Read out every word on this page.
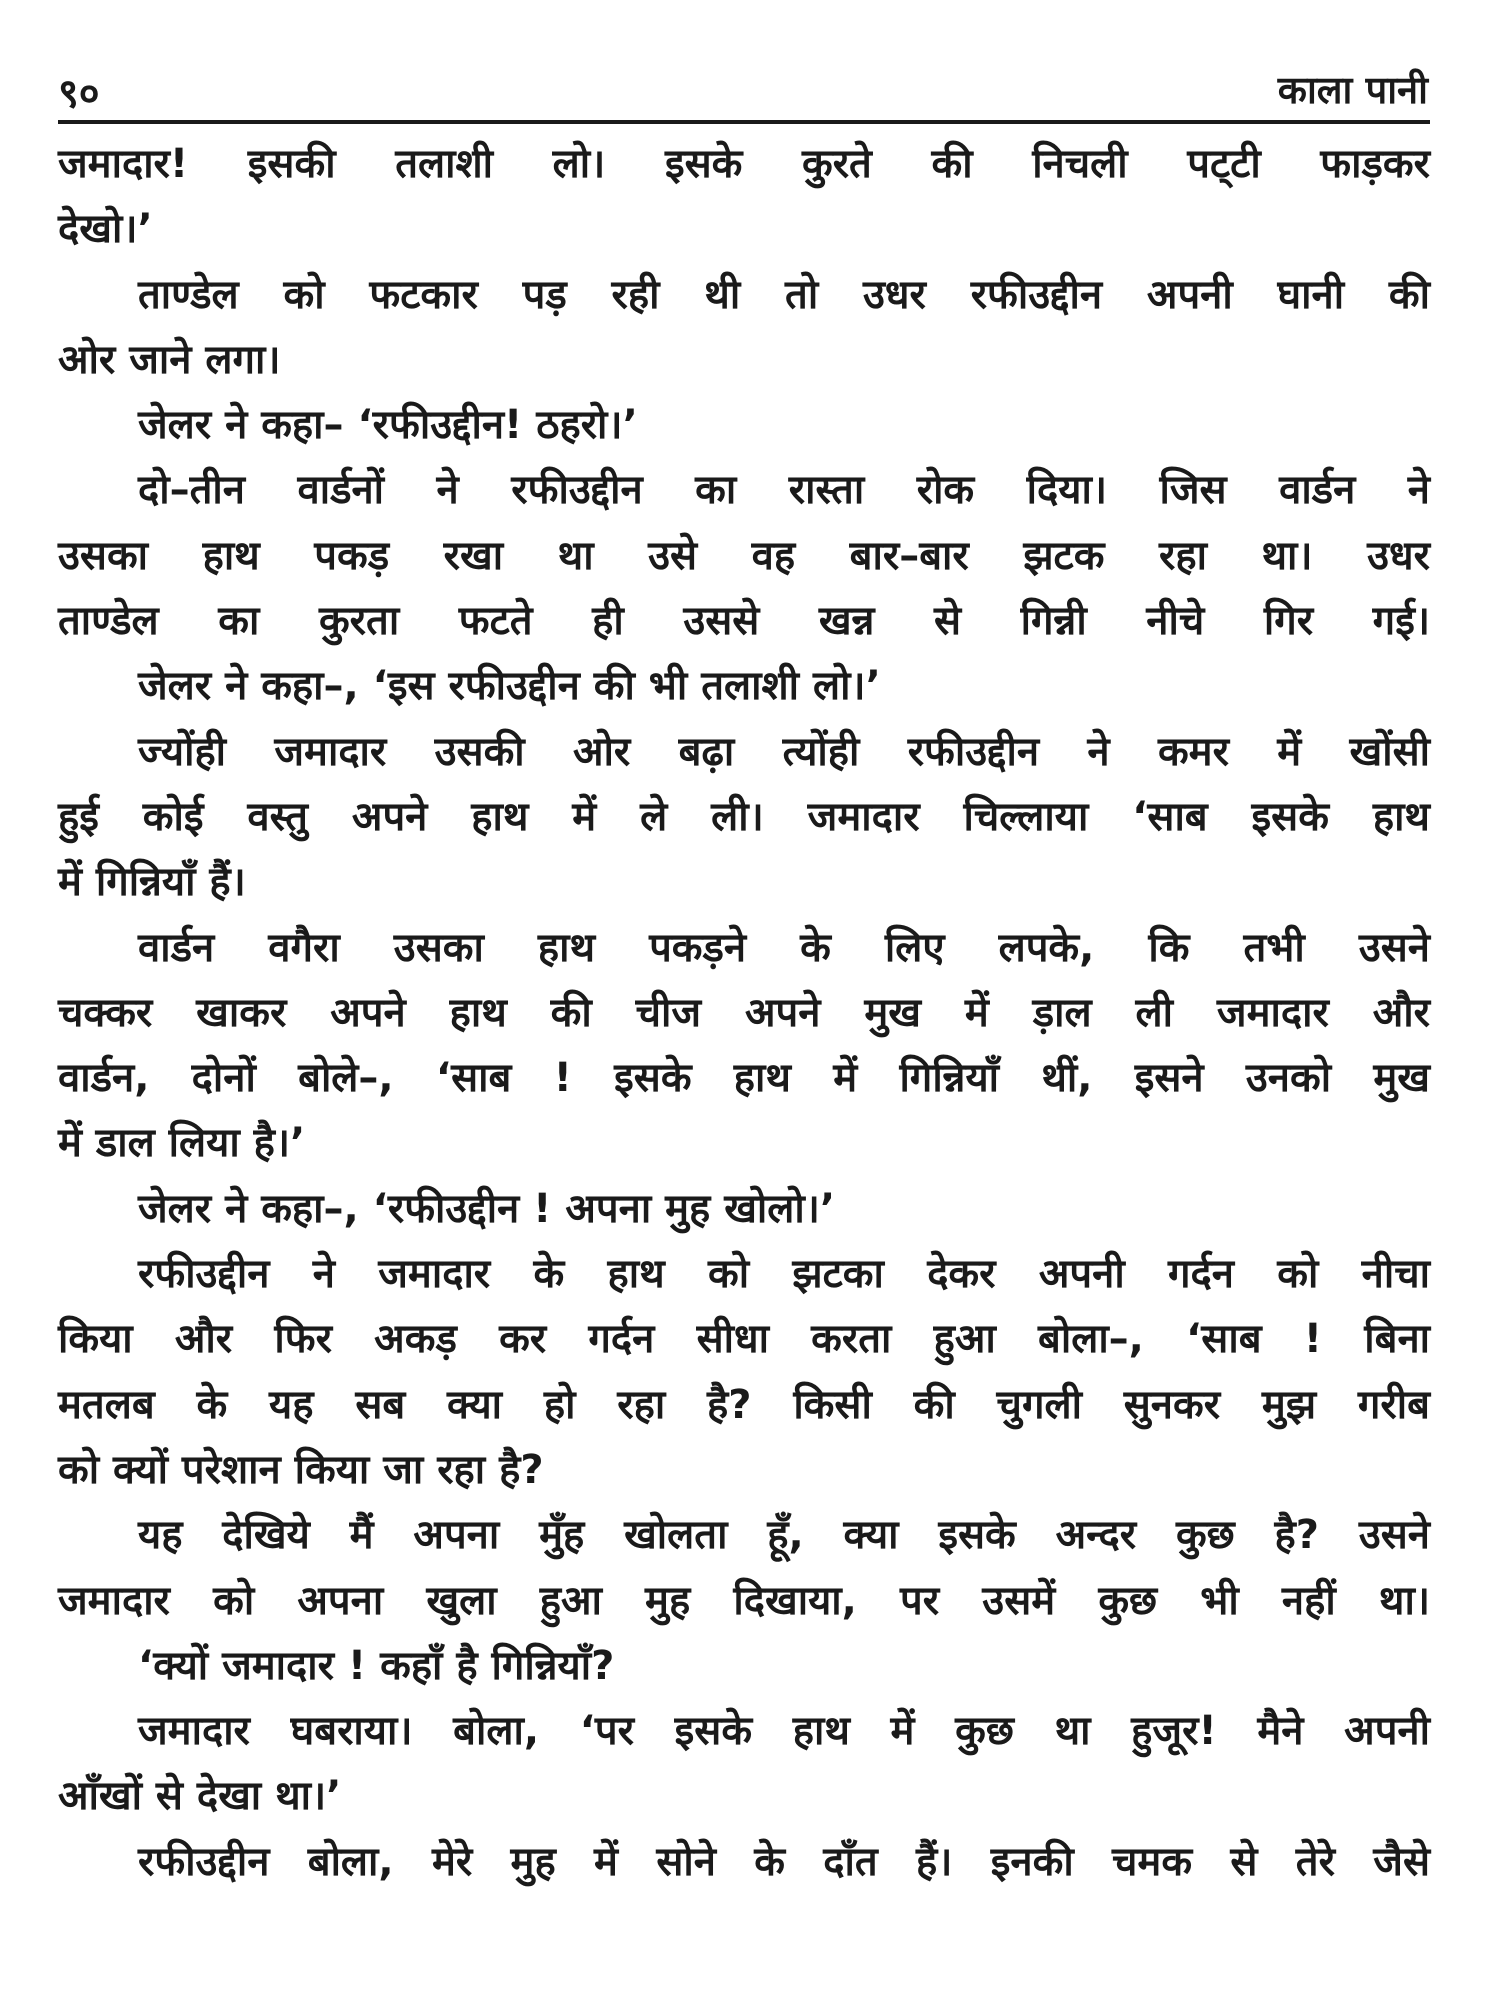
९०	काला पानी
जमादार! इसकी तलाशी लो। इसके कुरते की निचली पट्‌टी फाड़कर
देखो।’
ताण्डेल को फटकार पड़ रही थी तो उधर रफीउद्दीन अपनी घानी की
ओर जाने लगा।
जेलर ने कहा– ‘रफीउद्दीन! ठहरो।’
दो–तीन वार्डनों ने रफीउद्दीन का रास्ता रोक दिया। जिस वार्डन ने
उसका हाथ पकड़ रखा था उसे वह बार–बार झटक रहा था। उधर
ताण्डेल का कुरता फटते ही उससे खन्न से गिन्नी नीचे गिर गई।
जेलर ने कहा–, ‘इस रफीउद्दीन की भी तलाशी लो।’
ज्योंही जमादार उसकी ओर बढ़ा त्योंही रफीउद्दीन ने कमर में खोंसी
हुई कोई वस्तु अपने हाथ में ले ली। जमादार चिल्लाया ‘साब इसके हाथ
में गिन्नियाँ हैं।
वार्डन वगैरा उसका हाथ पकड़ने के लिए लपके, कि तभी उसने
चक्कर खाकर अपने हाथ की चीज अपने मुख में ड़ाल ली जमादार और
वार्डन, दोनों बोले–, ‘साब ! इसके हाथ में गिन्नियाँ थीं, इसने उनको मुख
में डाल लिया है।’
जेलर ने कहा–, ‘रफीउद्दीन ! अपना मुह खोलो।’
रफीउद्दीन ने जमादार के हाथ को झटका देकर अपनी गर्दन को नीचा
किया और फिर अकड़ कर गर्दन सीधा करता हुआ बोला–, ‘साब ! बिना
मतलब के यह सब क्या हो रहा है? किसी की चुगली सुनकर मुझ गरीब
को क्यों परेशान किया जा रहा है?
यह देखिये मैं अपना मुँह खोलता हूँ, क्या इसके अन्दर कुछ है? उसने
जमादार को अपना खुला हुआ मुह दिखाया, पर उसमें कुछ भी नहीं था।
‘क्यों जमादार ! कहाँ है गिन्नियाँ?
जमादार घबराया। बोला, ‘पर इसके हाथ में कुछ था हुजूर! मैने अपनी
आँखों से देखा था।’
रफीउद्दीन बोला, मेरे मुह में सोने के दाँत हैं। इनकी चमक से तेरे जैसे
